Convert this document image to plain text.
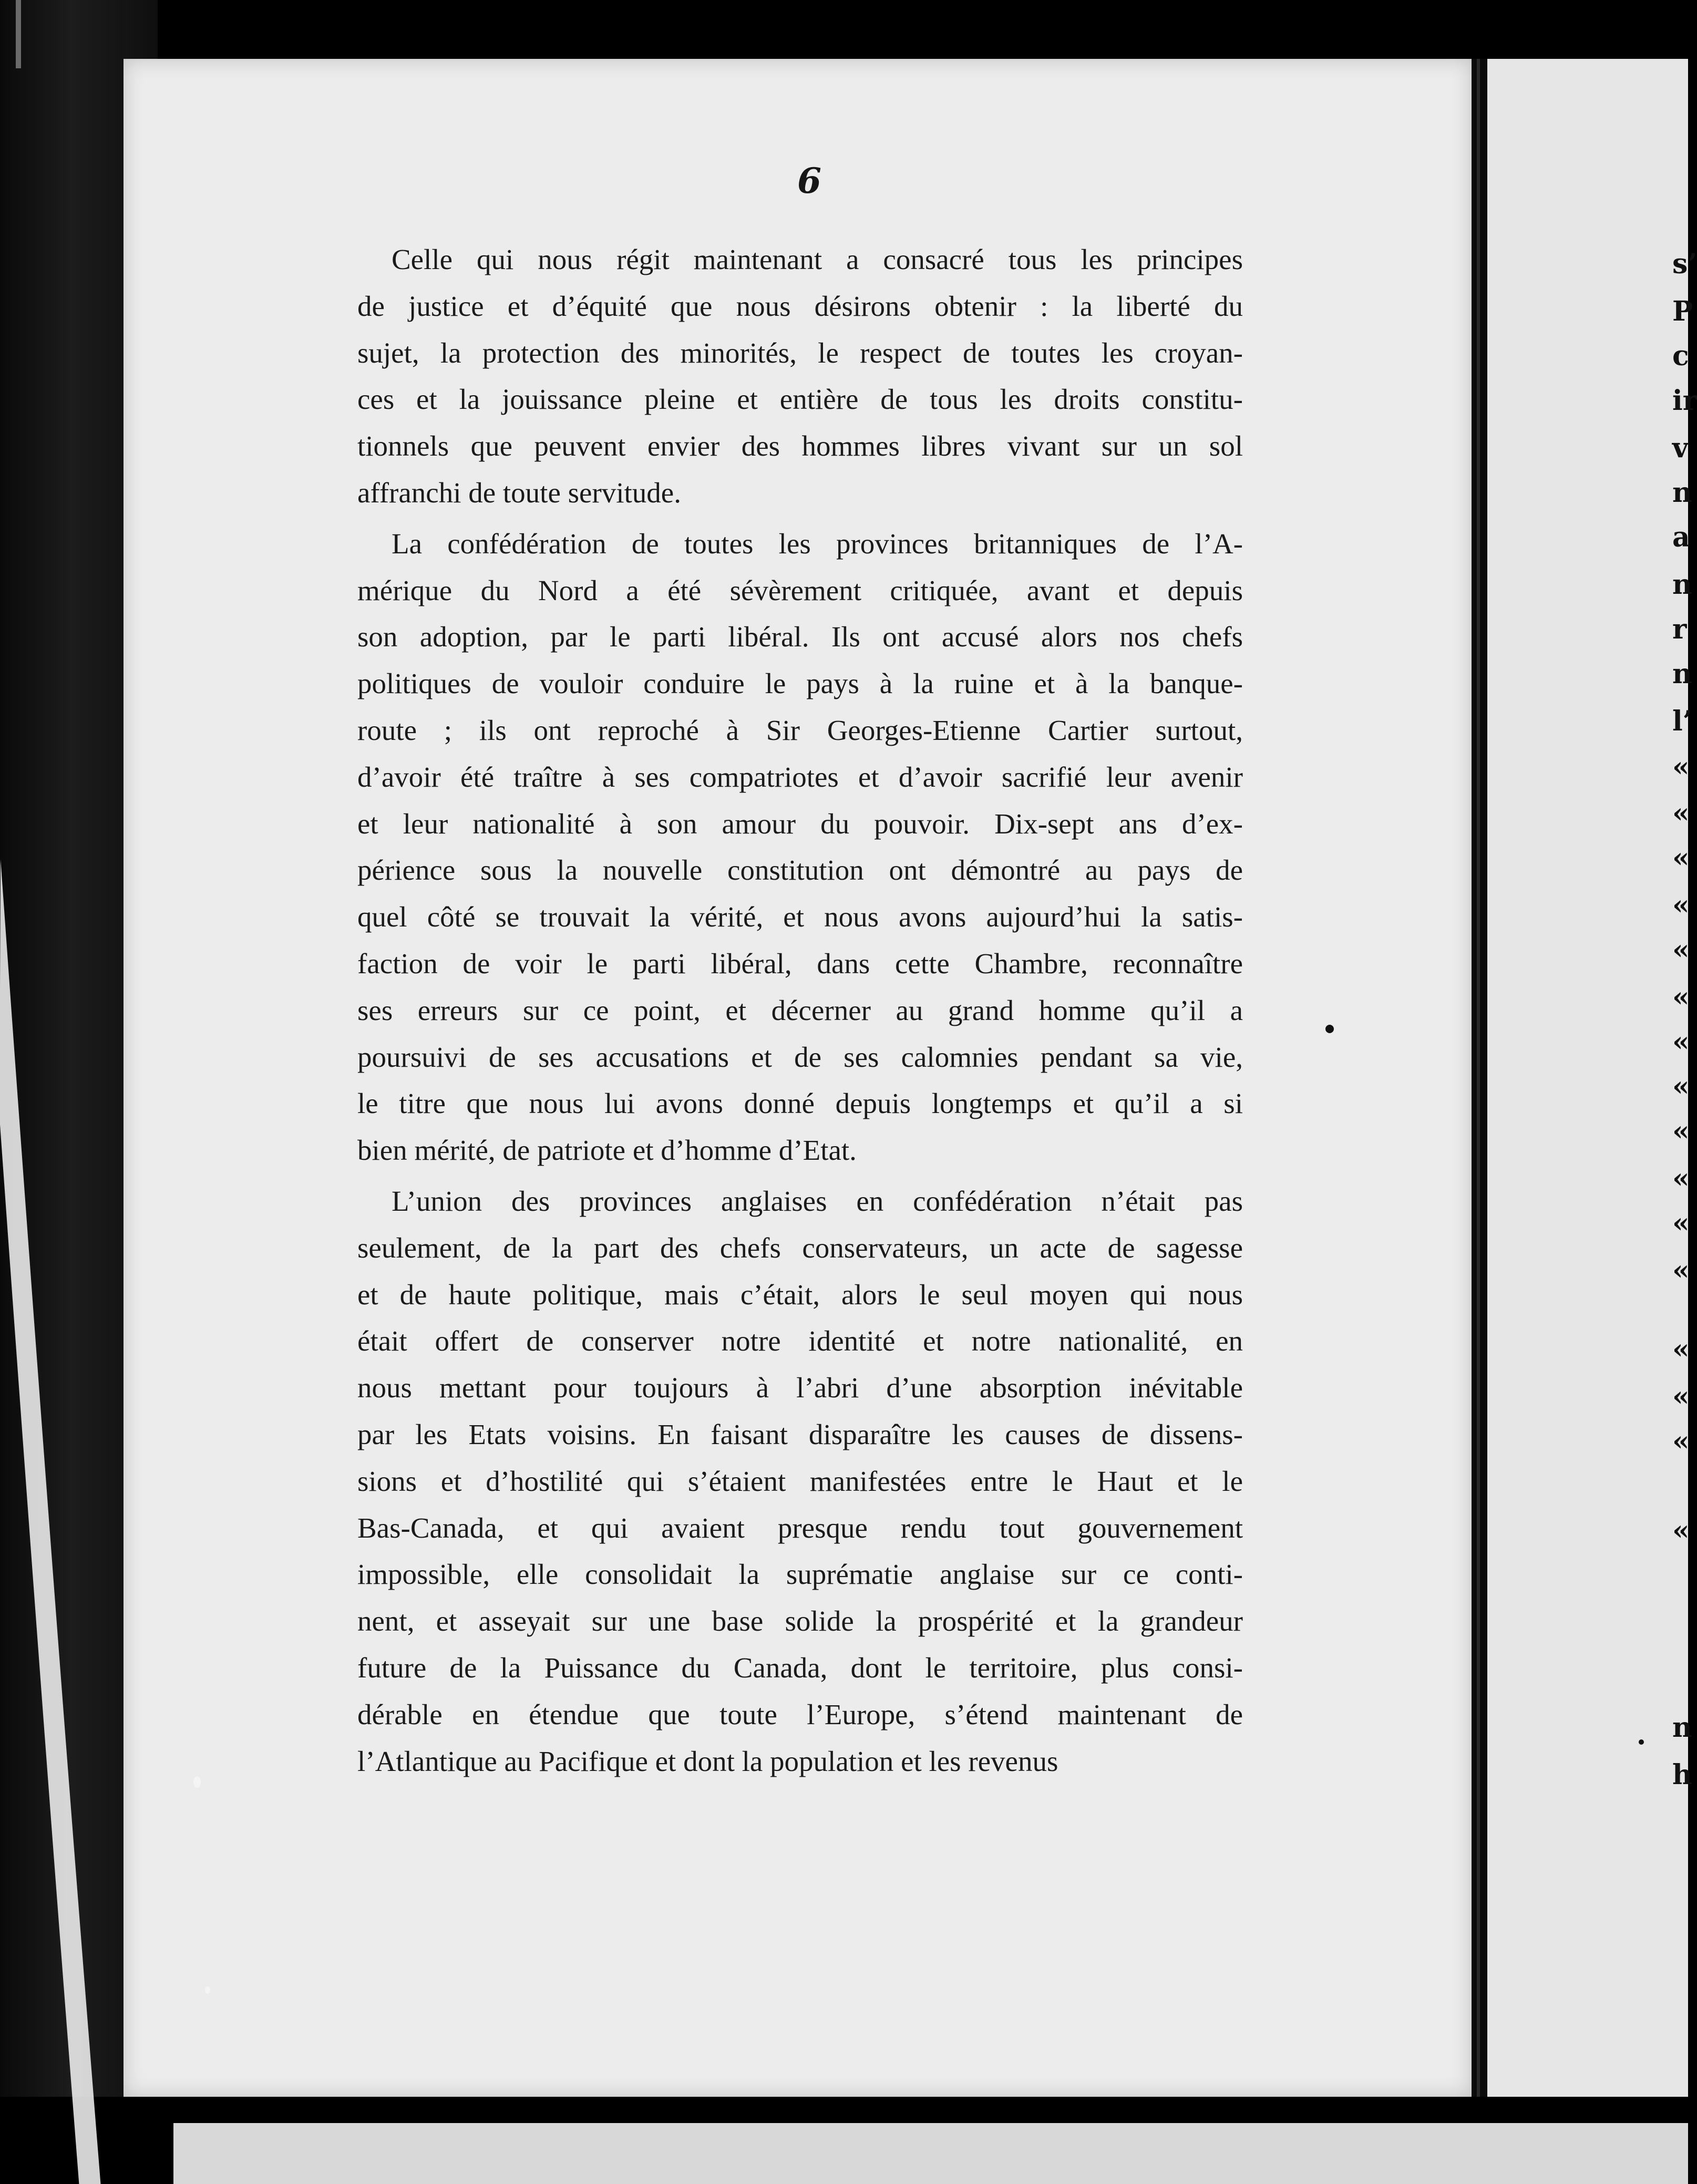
s’
P
c
ir
v
n
a
n
r
n
l’
«
«
«
«
«
«
«
«
«
«
«
«
«
«
«
«
n
h
6
Celle qui nous régit maintenant a consacré tous les principes
de justice et d’équité que nous désirons obtenir : la liberté du
sujet, la protection des minorités, le respect de toutes les croyan-
ces et la jouissance pleine et entière de tous les droits constitu-
tionnels que peuvent envier des hommes libres vivant sur un sol
affranchi de toute servitude.
La confédération de toutes les provinces britanniques de l’A-
mérique du Nord a été sévèrement critiquée, avant et depuis
son adoption, par le parti libéral. Ils ont accusé alors nos chefs
politiques de vouloir conduire le pays à la ruine et à la banque-
route ; ils ont reproché à Sir Georges-Etienne Cartier surtout,
d’avoir été traître à ses compatriotes et d’avoir sacrifié leur avenir
et leur nationalité à son amour du pouvoir. Dix-sept ans d’ex-
périence sous la nouvelle constitution ont démontré au pays de
quel côté se trouvait la vérité, et nous avons aujourd’hui la satis-
faction de voir le parti libéral, dans cette Chambre, reconnaître
ses erreurs sur ce point, et décerner au grand homme qu’il a
poursuivi de ses accusations et de ses calomnies pendant sa vie,
le titre que nous lui avons donné depuis longtemps et qu’il a si
bien mérité, de patriote et d’homme d’Etat.
L’union des provinces anglaises en confédération n’était pas
seulement, de la part des chefs conservateurs, un acte de sagesse
et de haute politique, mais c’était, alors le seul moyen qui nous
était offert de conserver notre identité et notre nationalité, en
nous mettant pour toujours à l’abri d’une absorption inévitable
par les Etats voisins. En faisant disparaître les causes de dissens-
sions et d’hostilité qui s’étaient manifestées entre le Haut et le
Bas-Canada, et qui avaient presque rendu tout gouvernement
impossible, elle consolidait la suprématie anglaise sur ce conti-
nent, et asseyait sur une base solide la prospérité et la grandeur
future de la Puissance du Canada, dont le territoire, plus consi-
dérable en étendue que toute l’Europe, s’étend maintenant de
l’Atlantique au Pacifique et dont la population et les revenus
